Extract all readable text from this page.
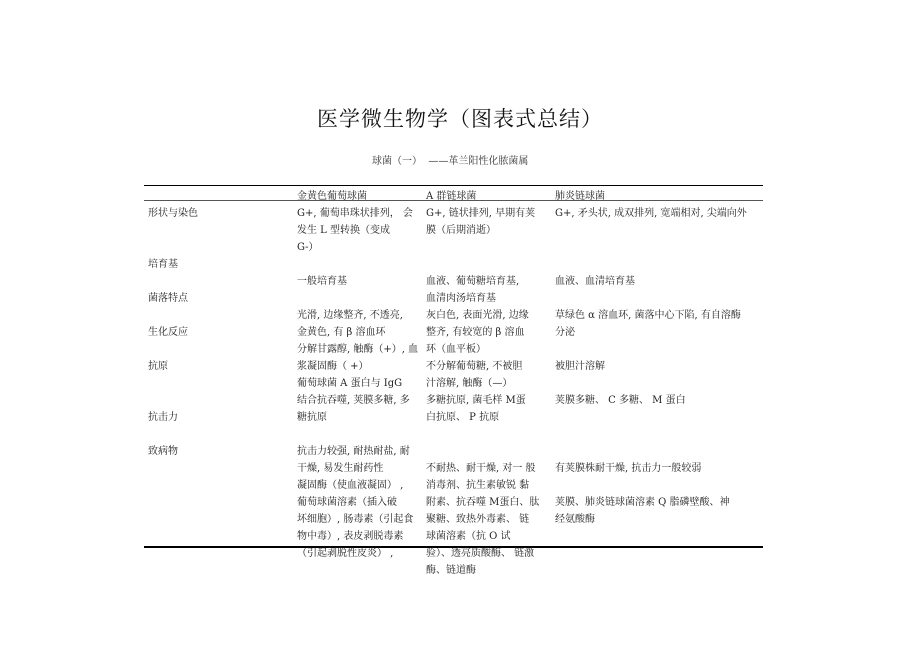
医学微生物学（图表式总结）
球菌（一）  ——革兰阳性化脓菌属
金黄色葡萄球菌	A 群链球菌	肺炎链球菌
形状与染色
培育基
菌落特点
生化反应
抗原
抗击力
致病物
G+, 葡萄串珠状排列， 会
发生 L 型转换（变成
G-）
一般培育基
光滑, 边缘整齐, 不透亮,
金黄色, 有 β 溶血环
分解甘露醇, 触酶（+）, 血
浆凝固酶（ +）
葡萄球菌 A 蛋白与 IgG
结合抗吞噬, 荚膜多糖, 多
糖抗原
抗击力较强, 耐热耐盐, 耐
干燥, 易发生耐药性
凝固酶（使血液凝固） ,
葡萄球菌溶素（插入破
坏细胞）, 肠毒素（引起食
物中毒）, 表皮剥脱毒素
（引起剥脱性皮炎） ,
G+, 链状排列, 早期有荚
膜（后期消逝）
血液、葡萄糖培育基,
血清肉汤培育基
灰白色, 表面光滑, 边缘
整齐, 有较宽的 β 溶血
环（血平板）
不分解葡萄糖, 不被胆
汁溶解, 触酶（—）
多糖抗原, 菌毛样 M蛋
白抗原、 P 抗原
不耐热、耐干燥, 对一 般
消毒剂、抗生素敏锐 黏
附素、抗吞噬 M蛋白、肽
聚糖、致热外毒素、 链
球菌溶素（抗 O 试
验）、透亮质酸酶、 链激
酶、链道酶
G+, 矛头状, 成双排列, 宽端相对, 尖端向外
血液、血清培育基
草绿色 α 溶血环, 菌落中心下陷, 有自溶酶
分泌
被胆汁溶解
荚膜多糖、 C 多糖、 M 蛋白
有荚膜株耐干燥, 抗击力一般较弱
荚膜、肺炎链球菌溶素 Q 脂磷壁酸、神
经氨酸酶
